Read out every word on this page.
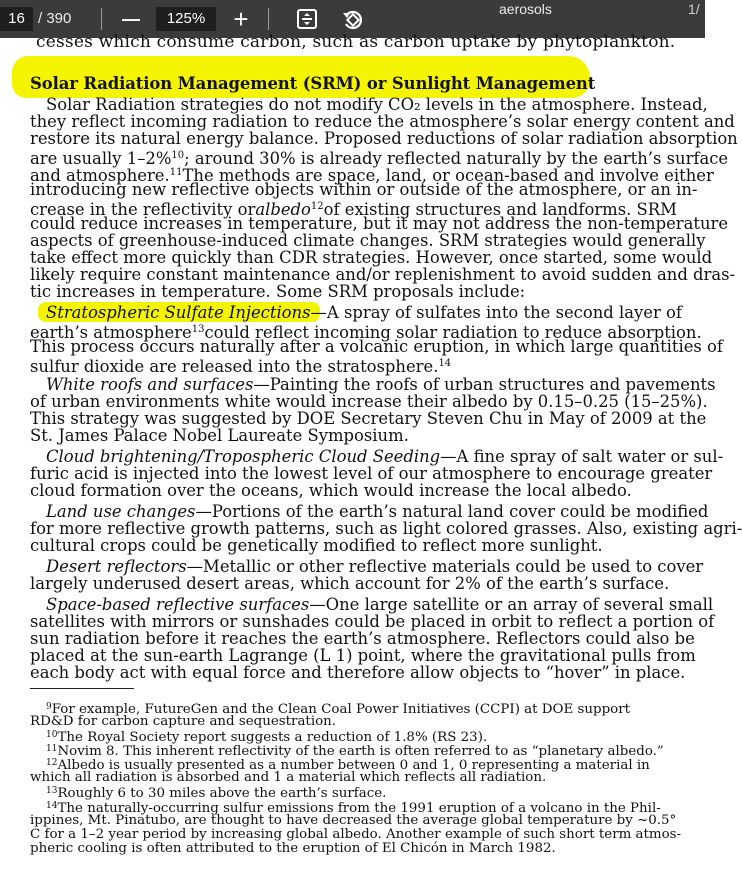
16 / 390	—	125%	+	aerosols	1/
cesses which consume carbon, such as carbon uptake by phytoplankton.
Solar Radiation Management (SRM) or Sunlight Management
Solar Radiation strategies do not modify CO₂ levels in the atmosphere. Instead,
they reflect incoming radiation to reduce the atmosphere’s solar energy content and
restore its natural energy balance. Proposed reductions of solar radiation absorption
are usually 1–2%10; around 30% is already reflected naturally by the earth’s surface
and atmosphere.11The methods are space, land, or ocean-based and involve either
introducing new reflective objects within or outside of the atmosphere, or an in-
crease in the reflectivity oralbedo12of existing structures and landforms. SRM
could reduce increases in temperature, but it may not address the non-temperature
aspects of greenhouse-induced climate changes. SRM strategies would generally
take effect more quickly than CDR strategies. However, once started, some would
likely require constant maintenance and/or replenishment to avoid sudden and dras-
tic increases in temperature. Some SRM proposals include:
Stratospheric Sulfate Injections—A spray of sulfates into the second layer of
earth’s atmosphere13could reflect incoming solar radiation to reduce absorption.
This process occurs naturally after a volcanic eruption, in which large quantities of
sulfur dioxide are released into the stratosphere.$^{14}$
White roofs and surfaces—Painting the roofs of urban structures and pavements
of urban environments white would increase their albedo by 0.15–0.25 (15–25%).
This strategy was suggested by DOE Secretary Steven Chu in May of 2009 at the
St. James Palace Nobel Laureate Symposium.
Cloud brightening/Tropospheric Cloud Seeding—A fine spray of salt water or sul-
furic acid is injected into the lowest level of our atmosphere to encourage greater
cloud formation over the oceans, which would increase the local albedo.
Land use changes—Portions of the earth’s natural land cover could be modified
for more reflective growth patterns, such as light colored grasses. Also, existing agri-
cultural crops could be genetically modified to reflect more sunlight.
Desert reflectors—Metallic or other reflective materials could be used to cover
largely underused desert areas, which account for 2% of the earth’s surface.
Space-based reflective surfaces—One large satellite or an array of several small
satellites with mirrors or sunshades could be placed in orbit to reflect a portion of
sun radiation before it reaches the earth’s atmosphere. Reflectors could also be
placed at the sun-earth Lagrange (L 1) point, where the gravitational pulls from
each body act with equal force and therefore allow objects to “hover” in place.
$^9$For example, FutureGen and the Clean Coal Power Initiatives (CCPI) at DOE support
RD&D for carbon capture and sequestration.
$^{10}$The Royal Society report suggests a reduction of 1.8% (RS 23).
$^{11}$Novim 8. This inherent reflectivity of the earth is often referred to as “planetary albedo.”
$^{12}$Albedo is usually presented as a number between 0 and 1, 0 representing a material in
which all radiation is absorbed and 1 a material which reflects all radiation.
$^{13}$Roughly 6 to 30 miles above the earth’s surface.
$^{14}$The naturally-occurring sulfur emissions from the 1991 eruption of a volcano in the Phil-
ippines, Mt. Pinatubo, are thought to have decreased the average global temperature by ~0.5°
C for a 1–2 year period by increasing global albedo. Another example of such short term atmos-
pheric cooling is often attributed to the eruption of El Chicón in March 1982.
